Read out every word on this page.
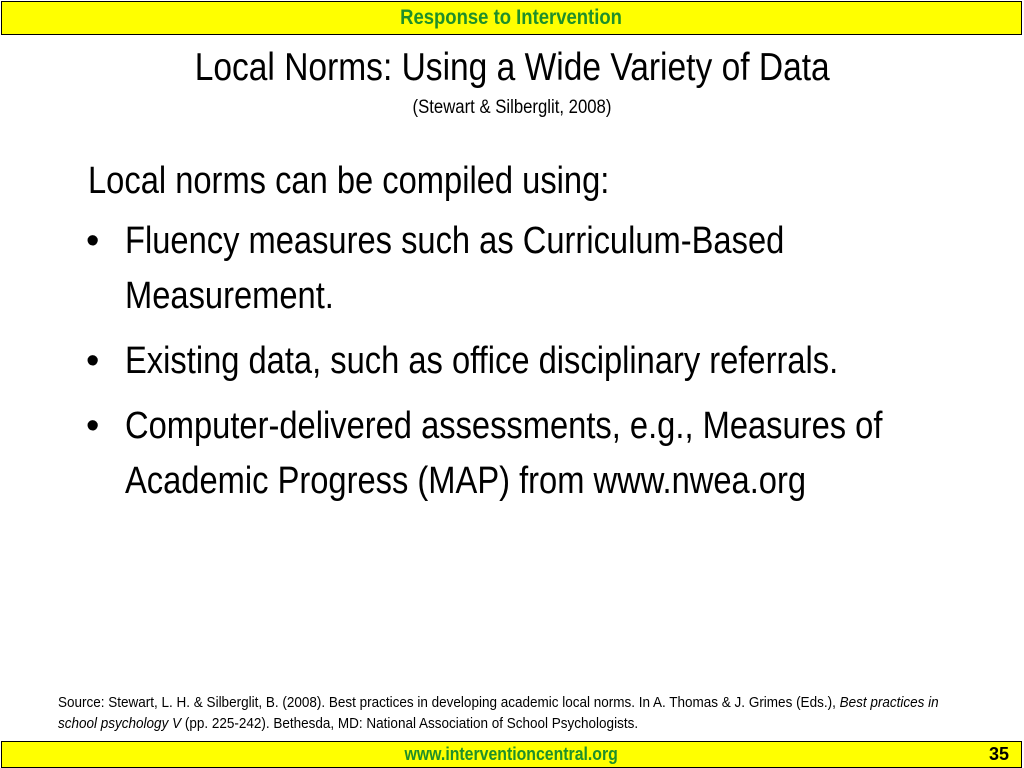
Response to Intervention
Local Norms: Using a Wide Variety of Data
(Stewart & Silberglit, 2008)
Local norms can be compiled using:
• Fluency measures such as Curriculum-Based Measurement.
• Existing data, such as office disciplinary referrals.
• Computer-delivered assessments, e.g., Measures of Academic Progress (MAP) from www.nwea.org
Source: Stewart, L. H. & Silberglit, B. (2008). Best practices in developing academic local norms. In A. Thomas & J. Grimes (Eds.), Best practices in school psychology V (pp. 225-242). Bethesda, MD: National Association of School Psychologists.
www.interventioncentral.org	35
